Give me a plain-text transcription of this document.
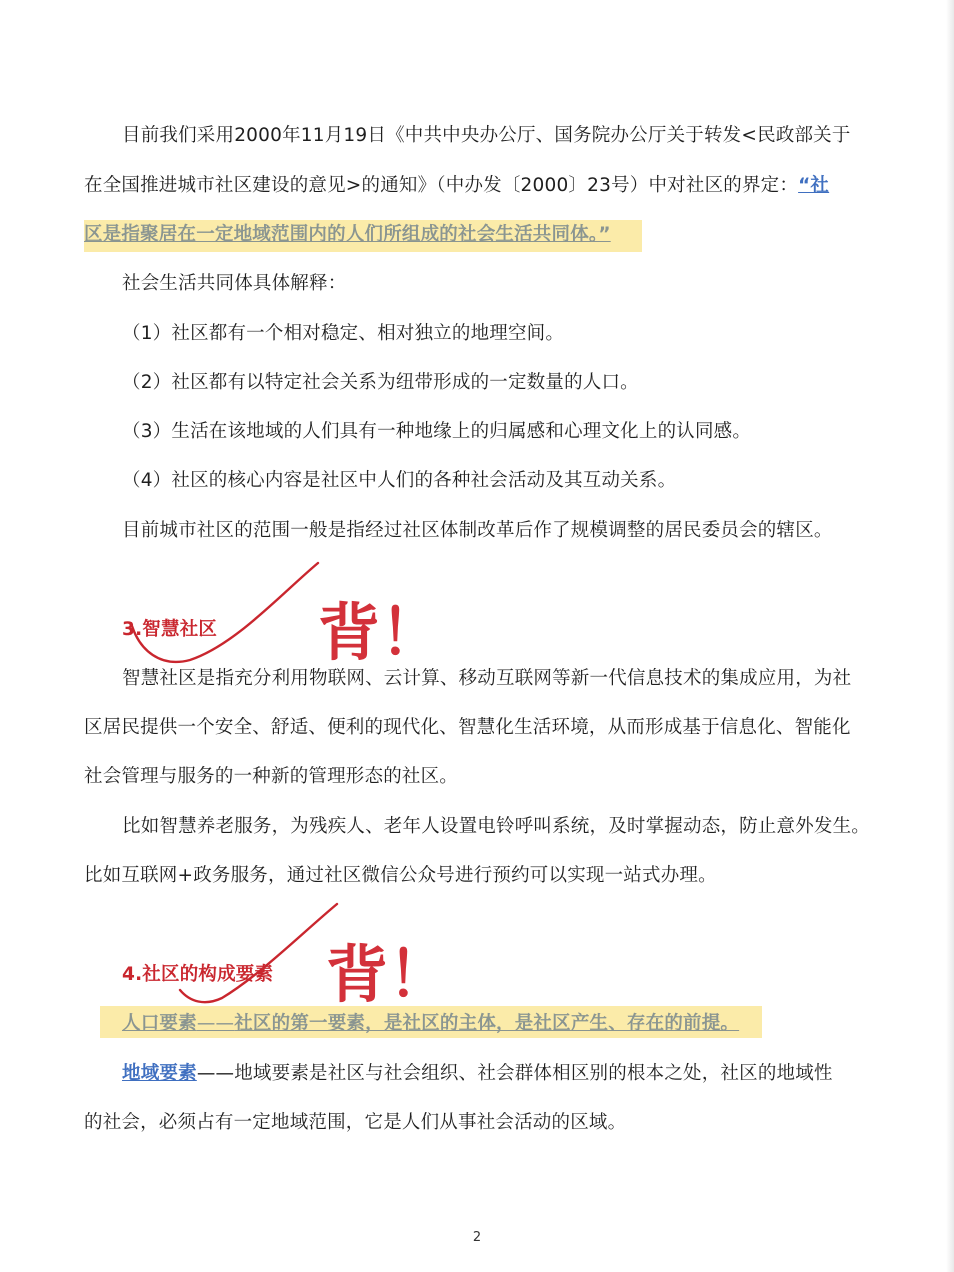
目前我们采用2000年11月19日《中共中央办公厅、国务院办公厅关于转发<民政部关于
在全国推进城市社区建设的意见>的通知》（中办发〔2000〕23号）中对社区的界定：“社
区是指聚居在一定地域范围内的人们所组成的社会生活共同体。”
社会生活共同体具体解释：
（1）社区都有一个相对稳定、相对独立的地理空间。
（2）社区都有以特定社会关系为纽带形成的一定数量的人口。
（3）生活在该地域的人们具有一种地缘上的归属感和心理文化上的认同感。
（4）社区的核心内容是社区中人们的各种社会活动及其互动关系。
目前城市社区的范围一般是指经过社区体制改革后作了规模调整的居民委员会的辖区。
3.智慧社区
智慧社区是指充分利用物联网、云计算、移动互联网等新一代信息技术的集成应用，为社
区居民提供一个安全、舒适、便利的现代化、智慧化生活环境，从而形成基于信息化、智能化
社会管理与服务的一种新的管理形态的社区。
比如智慧养老服务，为残疾人、老年人设置电铃呼叫系统，及时掌握动态，防止意外发生。
比如互联网+政务服务，通过社区微信公众号进行预约可以实现一站式办理。
4.社区的构成要素
人口要素——社区的第一要素，是社区的主体，是社区产生、存在的前提。
地域要素——地域要素是社区与社会组织、社会群体相区别的根本之处，社区的地域性
的社会，必须占有一定地域范围，它是人们从事社会活动的区域。
背！
背！
2
